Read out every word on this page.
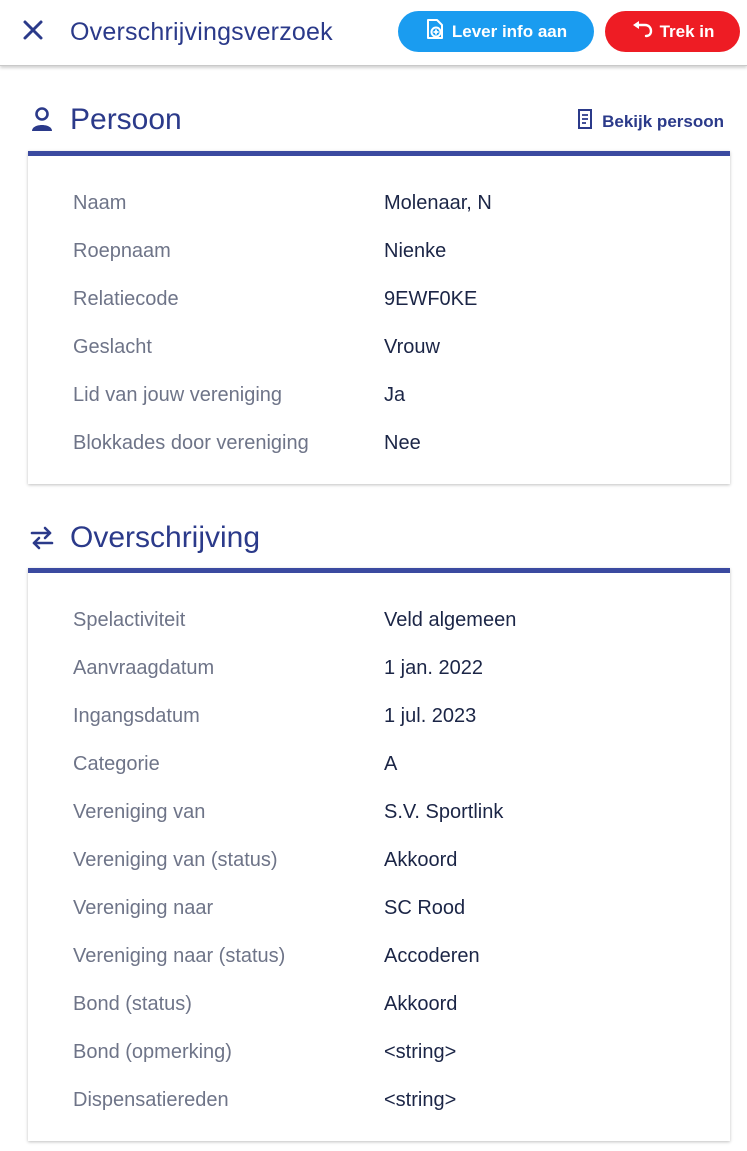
Overschrijvingsverzoek	Lever info aan	Trek in
Persoon	Bekijk persoon
Naam	Molenaar, N
Roepnaam	Nienke
Relatiecode	9EWF0KE
Geslacht	Vrouw
Lid van jouw vereniging	Ja
Blokkades door vereniging	Nee
Overschrijving
Spelactiviteit	Veld algemeen
Aanvraagdatum	1 jan. 2022
Ingangsdatum	1 jul. 2023
Categorie	A
Vereniging van	S.V. Sportlink
Vereniging van (status)	Akkoord
Vereniging naar	SC Rood
Vereniging naar (status)	Accoderen
Bond (status)	Akkoord
Bond (opmerking)	<string>
Dispensatiereden	<string>
